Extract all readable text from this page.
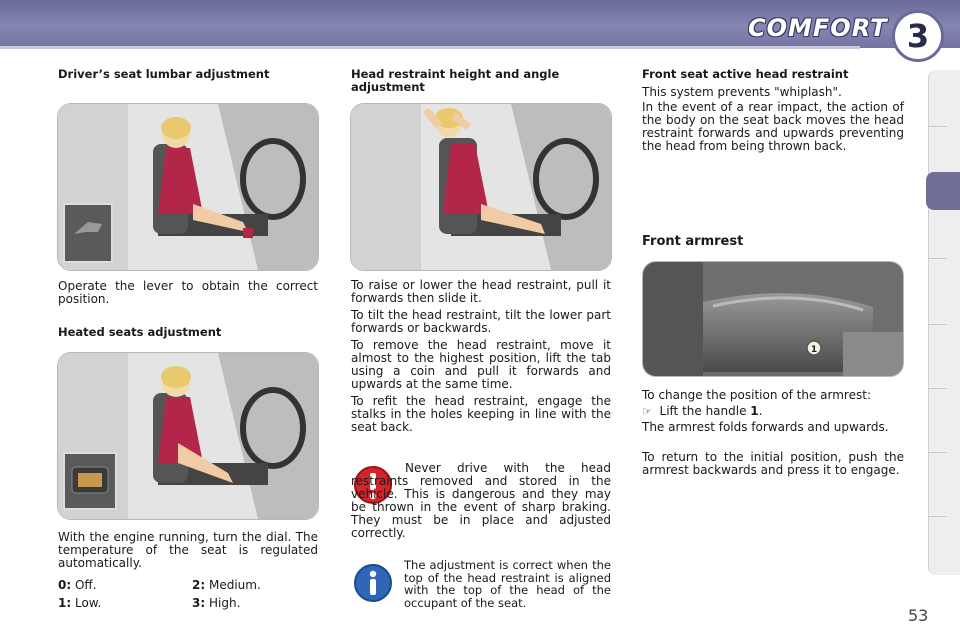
COMFORT 3
Driver’s seat lumbar adjustment
Operate the lever to obtain the correct position.
Heated seats adjustment
With the engine running, turn the dial. The temperature of the seat is regulated automatically.
0: Off.	2: Medium.
1: Low.	3: High.
Head restraint height and angle adjustment
To raise or lower the head restraint, pull it forwards then slide it.
To tilt the head restraint, tilt the lower part forwards or backwards.
To remove the head restraint, move it almost to the highest position, lift the tab using a coin and pull it forwards and upwards at the same time.
To refit the head restraint, engage the stalks in the holes keeping in line with the seat back.
Never drive with the head restraints removed and stored in the vehicle. This is dangerous and they may be thrown in the event of sharp braking. They must be in place and adjusted correctly.
The adjustment is correct when the top of the head restraint is aligned with the top of the head of the occupant of the seat.
Front seat active head restraint
This system prevents "whiplash".
In the event of a rear impact, the action of the body on the seat back moves the head restraint forwards and upwards preventing the head from being thrown back.
Front armrest
1
To change the position of the armrest:
☞ Lift the handle 1.
The armrest folds forwards and upwards.
To return to the initial position, push the armrest backwards and press it to engage.
53
